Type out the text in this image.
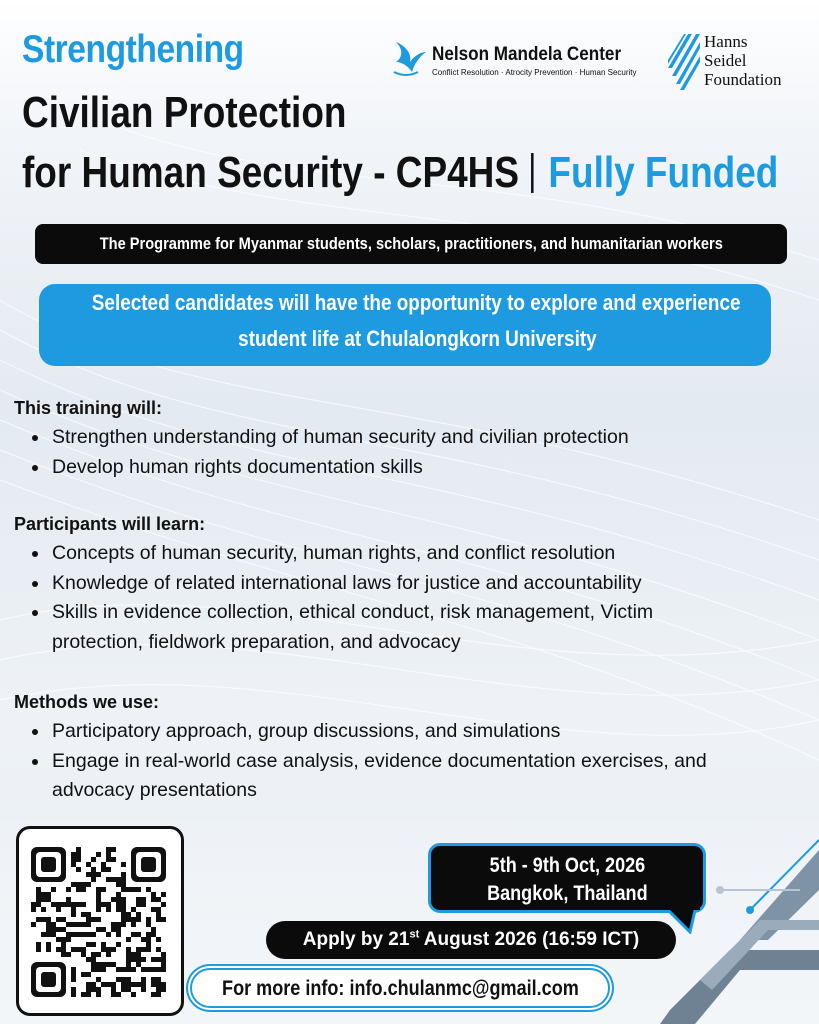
Strengthening
Civilian Protection
for Human Security - CP4HS Fully Funded
Nelson Mandela Center
Conflict Resolution · Atrocity Prevention · Human Security
Hanns
Seidel
Foundation
The Programme for Myanmar students, scholars, practitioners, and humanitarian workers
Selected candidates will have the opportunity to explore and experience
student life at Chulalongkorn University
This training will:
• Strengthen understanding of human security and civilian protection
• Develop human rights documentation skills
Participants will learn:
• Concepts of human security, human rights, and conflict resolution
• Knowledge of related international laws for justice and accountability
• Skills in evidence collection, ethical conduct, risk management, Victim protection, fieldwork preparation, and advocacy
Methods we use:
• Participatory approach, group discussions, and simulations
• Engage in real-world case analysis, evidence documentation exercises, and advocacy presentations
5th - 9th Oct, 2026
Bangkok, Thailand
Apply by 21st August 2026 (16:59 ICT)
For more info: info.chulanmc@gmail.com
